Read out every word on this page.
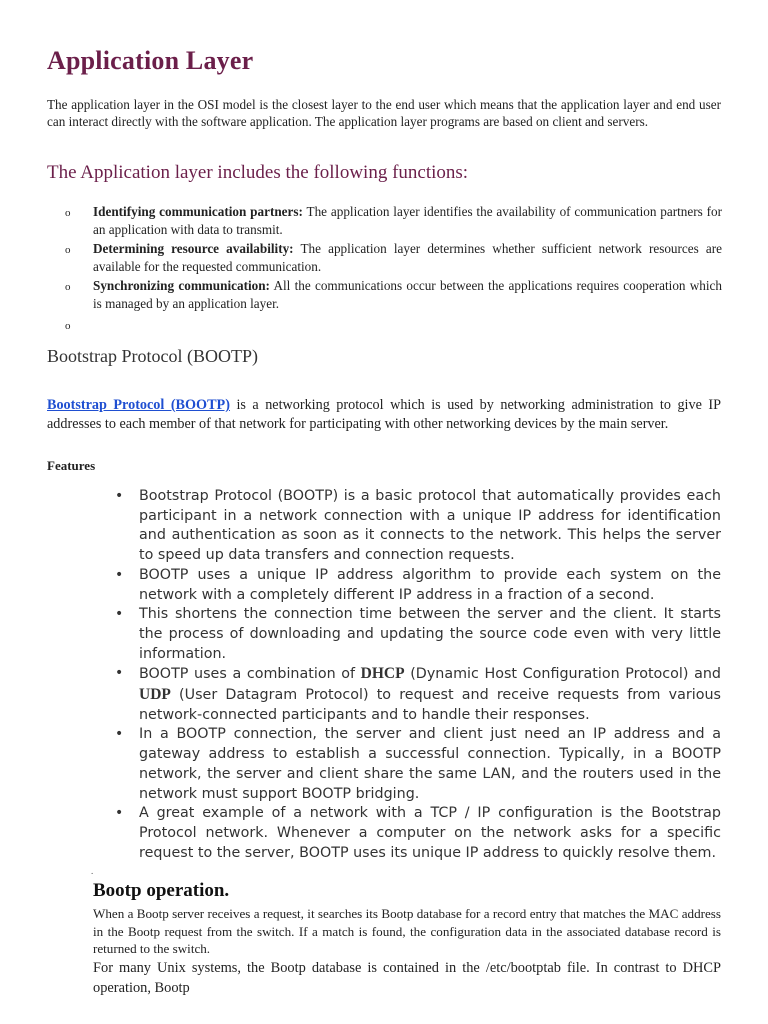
Application Layer

The application layer in the OSI model is the closest layer to the end user which means that the application layer and end user can interact directly with the software application. The application layer programs are based on client and servers.

The Application layer includes the following functions:
o Identifying communication partners: The application layer identifies the availability of communication partners for an application with data to transmit.
o Determining resource availability: The application layer determines whether sufficient network resources are available for the requested communication.
o Synchronizing communication: All the communications occur between the applications requires cooperation which is managed by an application layer.
o
Bootstrap Protocol (BOOTP)

Bootstrap Protocol (BOOTP) is a networking protocol which is used by networking administration to give IP addresses to each member of that network for participating with other networking devices by the main server.

Features

• Bootstrap Protocol (BOOTP) is a basic protocol that automatically provides each participant in a network connection with a unique IP address for identification and authentication as soon as it connects to the network. This helps the server to speed up data transfers and connection requests.
• BOOTP uses a unique IP address algorithm to provide each system on the network with a completely different IP address in a fraction of a second.
• This shortens the connection time between the server and the client. It starts the process of downloading and updating the source code even with very little information.
• BOOTP uses a combination of DHCP (Dynamic Host Configuration Protocol) and UDP (User Datagram Protocol) to request and receive requests from various network-connected participants and to handle their responses.
• In a BOOTP connection, the server and client just need an IP address and a gateway address to establish a successful connection. Typically, in a BOOTP network, the server and client share the same LAN, and the routers used in the network must support BOOTP bridging.
• A great example of a network with a TCP / IP configuration is the Bootstrap Protocol network. Whenever a computer on the network asks for a specific request to the server, BOOTP uses its unique IP address to quickly resolve them.
.
Bootp operation.

When a Bootp server receives a request, it searches its Bootp database for a record entry that matches the MAC address in the Bootp request from the switch. If a match is found, the configuration data in the associated database record is returned to the switch.

For many Unix systems, the Bootp database is contained in the /etc/bootptab file. In contrast to DHCP operation, Bootp
